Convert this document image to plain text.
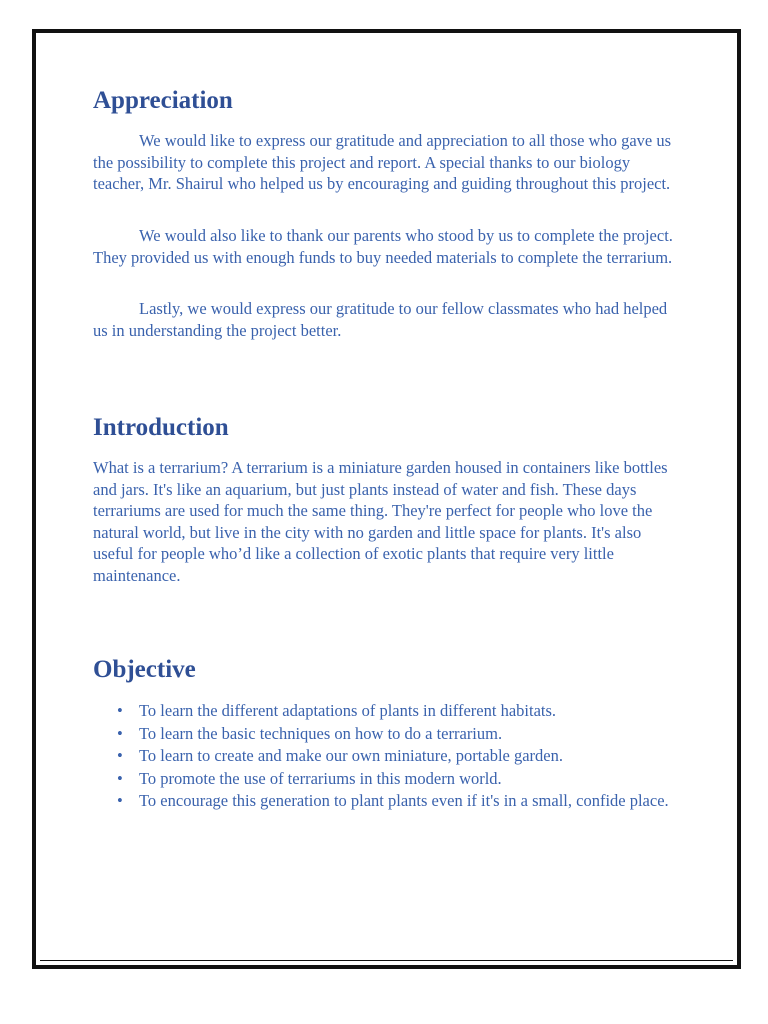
Appreciation

We would like to express our gratitude and appreciation to all those who gave us the possibility to complete this project and report. A special thanks to our biology teacher, Mr. Shairul who helped us by encouraging and guiding throughout this project.

We would also like to thank our parents who stood by us to complete the project. They provided us with enough funds to buy needed materials to complete the terrarium.

Lastly, we would express our gratitude to our fellow classmates who had helped us in understanding the project better.

Introduction

What is a terrarium? A terrarium is a miniature garden housed in containers like bottles and jars. It's like an aquarium, but just plants instead of water and fish. These days terrariums are used for much the same thing. They're perfect for people who love the natural world, but live in the city with no garden and little space for plants. It's also useful for people who’d like a collection of exotic plants that require very little maintenance.

Objective
• To learn the different adaptations of plants in different habitats.
• To learn the basic techniques on how to do a terrarium.
• To learn to create and make our own miniature, portable garden.
• To promote the use of terrariums in this modern world.
• To encourage this generation to plant plants even if it's in a small, confide place.
